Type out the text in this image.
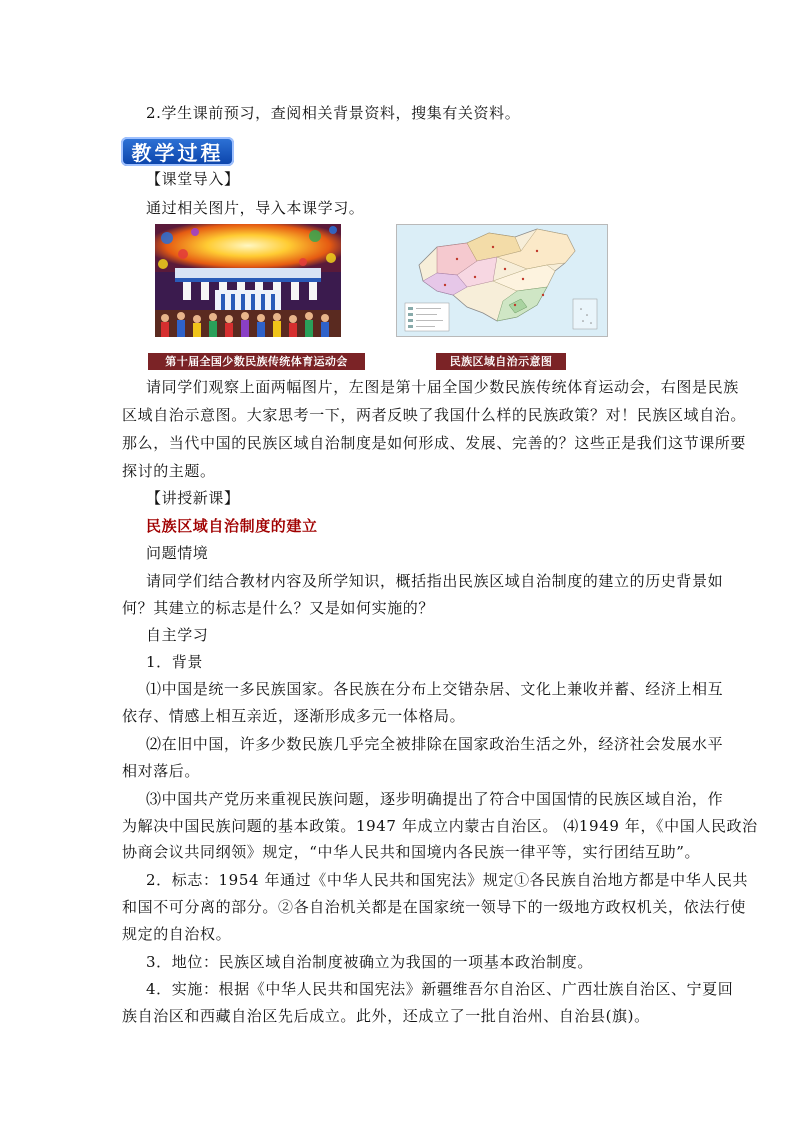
2.学生课前预习，查阅相关背景资料，搜集有关资料。
教学过程
【课堂导入】
通过相关图片，导入本课学习。
第十届全国少数民族传统体育运动会	民族区域自治示意图
请同学们观察上面两幅图片，左图是第十届全国少数民族传统体育运动会，右图是民族
区域自治示意图。大家思考一下，两者反映了我国什么样的民族政策？对！民族区域自治。
那么，当代中国的民族区域自治制度是如何形成、发展、完善的？这些正是我们这节课所要
探讨的主题。
【讲授新课】
民族区域自治制度的建立
问题情境
请同学们结合教材内容及所学知识，概括指出民族区域自治制度的建立的历史背景如
何？其建立的标志是什么？又是如何实施的？
自主学习
1．背景
⑴中国是统一多民族国家。各民族在分布上交错杂居、文化上兼收并蓄、经济上相互
依存、情感上相互亲近，逐渐形成多元一体格局。
⑵在旧中国，许多少数民族几乎完全被排除在国家政治生活之外，经济社会发展水平
相对落后。
⑶中国共产党历来重视民族问题，逐步明确提出了符合中国国情的民族区域自治，作
为解决中国民族问题的基本政策。1947 年成立内蒙古自治区。 ⑷1949 年，《中国人民政治
协商会议共同纲领》规定，“中华人民共和国境内各民族一律平等，实行团结互助”。
2．标志：1954 年通过《中华人民共和国宪法》规定①各民族自治地方都是中华人民共
和国不可分离的部分。②各自治机关都是在国家统一领导下的一级地方政权机关，依法行使
规定的自治权。
3．地位：民族区域自治制度被确立为我国的一项基本政治制度。
4．实施：根据《中华人民共和国宪法》新疆维吾尔自治区、广西壮族自治区、宁夏回
族自治区和西藏自治区先后成立。此外，还成立了一批自治州、自治县(旗)。
